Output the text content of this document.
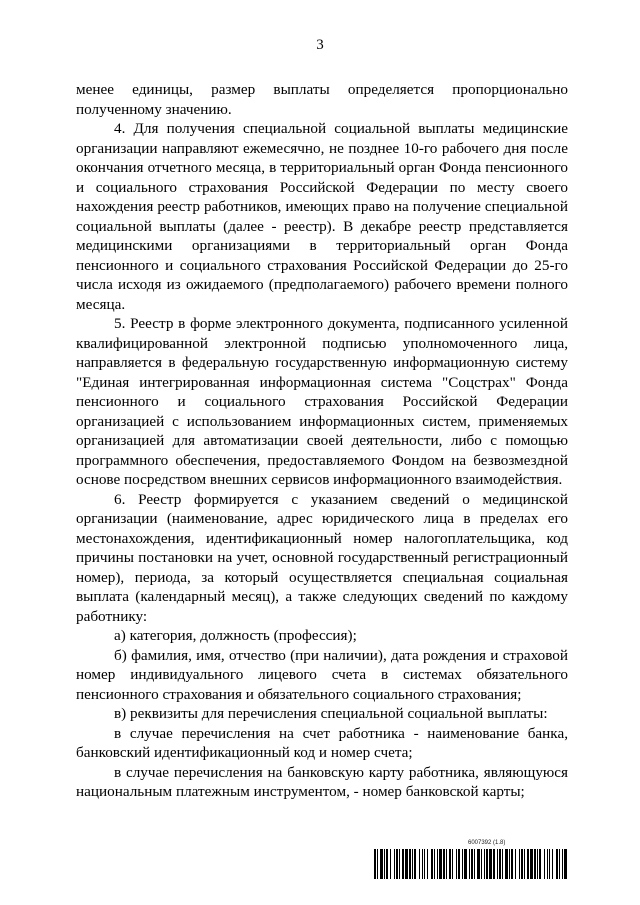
3

менее единицы, размер выплаты определяется пропорционально полученному значению.

4. Для получения специальной социальной выплаты медицинские организации направляют ежемесячно, не позднее 10-го рабочего дня после окончания отчетного месяца, в территориальный орган Фонда пенсионного и социального страхования Российской Федерации по месту своего нахождения реестр работников, имеющих право на получение специальной социальной выплаты (далее - реестр). В декабре реестр представляется медицинскими организациями в территориальный орган Фонда пенсионного и социального страхования Российской Федерации до 25-го числа исходя из ожидаемого (предполагаемого) рабочего времени полного месяца.

5. Реестр в форме электронного документа, подписанного усиленной квалифицированной электронной подписью уполномоченного лица, направляется в федеральную государственную информационную систему "Единая интегрированная информационная система "Соцстрах" Фонда пенсионного и социального страхования Российской Федерации организацией с использованием информационных систем, применяемых организацией для автоматизации своей деятельности, либо с помощью программного обеспечения, предоставляемого Фондом на безвозмездной основе посредством внешних сервисов информационного взаимодействия.

6. Реестр формируется с указанием сведений о медицинской организации (наименование, адрес юридического лица в пределах его местонахождения, идентификационный номер налогоплательщика, код причины постановки на учет, основной государственный регистрационный номер), периода, за который осуществляется специальная социальная выплата (календарный месяц), а также следующих сведений по каждому работнику:

а) категория, должность (профессия);

б) фамилия, имя, отчество (при наличии), дата рождения и страховой номер индивидуального лицевого счета в системах обязательного пенсионного страхования и обязательного социального страхования;

в) реквизиты для перечисления специальной социальной выплаты:

в случае перечисления на счет работника - наименование банка, банковский идентификационный код и номер счета;

в случае перечисления на банковскую карту работника, являющуюся национальным платежным инструментом, - номер банковской карты;

6007392 (1.8)
